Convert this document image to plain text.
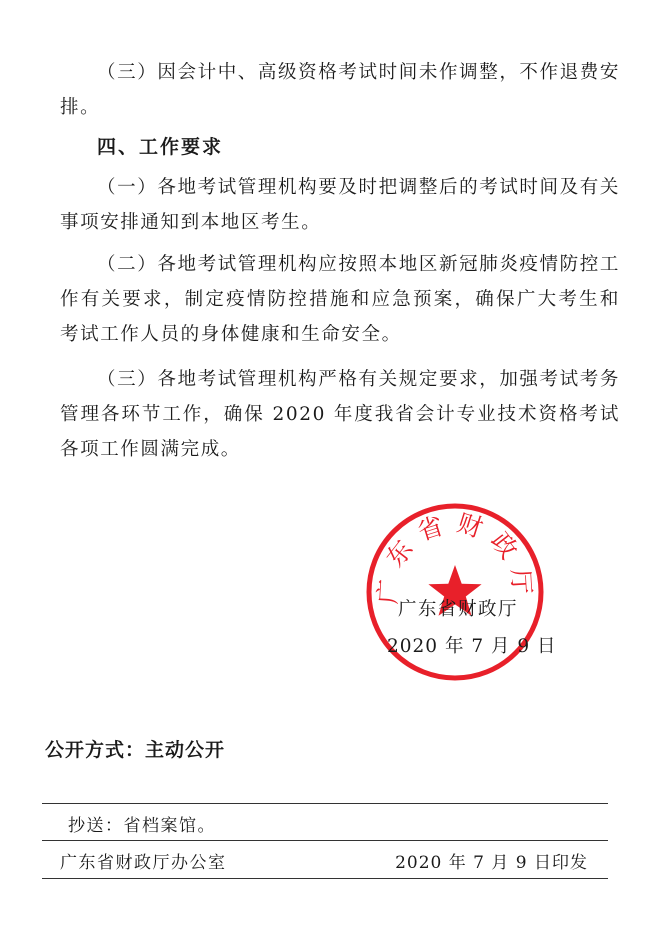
（三）因会计中、高级资格考试时间未作调整，不作退费安排。

四、工作要求

（一）各地考试管理机构要及时把调整后的考试时间及有关事项安排通知到本地区考生。

（二）各地考试管理机构应按照本地区新冠肺炎疫情防控工作有关要求，制定疫情防控措施和应急预案，确保广大考生和考试工作人员的身体健康和生命安全。

（三）各地考试管理机构严格有关规定要求，加强考试考务管理各环节工作，确保 2020 年度我省会计专业技术资格考试各项工作圆满完成。

广东省财政厅
广东省财政厅
2020 年 7 月 9 日
公开方式：主动公开
抄送：省档案馆。
广东省财政厅办公室	2020 年 7 月 9 日印发
